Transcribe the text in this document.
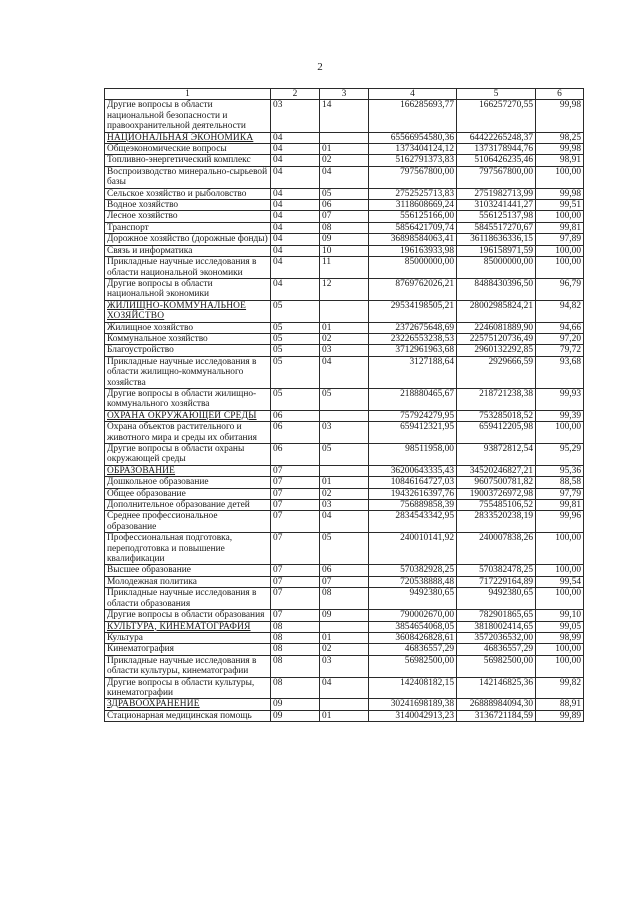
2
1	2	3	4	5	6
Другие вопросы в области национальной безопасности и правоохранительной деятельности	03	14	166285693,77	166257270,55	99,98
НАЦИОНАЛЬНАЯ ЭКОНОМИКА	04		65566954580,36	64422265248,37	98,25
Общеэкономические вопросы	04	01	1373404124,12	1373178944,76	99,98
Топливно-энергетический комплекс	04	02	5162791373,83	5106426235,46	98,91
Воспроизводство минерально-сырьевой базы	04	04	797567800,00	797567800,00	100,00
Сельское хозяйство и рыболовство	04	05	2752525713,83	2751982713,99	99,98
Водное хозяйство	04	06	3118608669,24	3103241441,27	99,51
Лесное хозяйство	04	07	556125166,00	556125137,98	100,00
Транспорт	04	08	5856421709,74	5845517270,67	99,81
Дорожное хозяйство (дорожные фонды)	04	09	36898584063,41	36118636336,15	97,89
Связь и информатика	04	10	196163933,98	196158971,59	100,00
Прикладные научные исследования в области национальной экономики	04	11	85000000,00	85000000,00	100,00
Другие вопросы в области национальной экономики	04	12	8769762026,21	8488430396,50	96,79
ЖИЛИЩНО-КОММУНАЛЬНОЕ ХОЗЯЙСТВО	05		29534198505,21	28002985824,21	94,82
Жилищное хозяйство	05	01	2372675648,69	2246081889,90	94,66
Коммунальное хозяйство	05	02	23226553238,53	22575120736,49	97,20
Благоустройство	05	03	3712961963,68	2960132292,85	79,72
Прикладные научные исследования в области жилищно-коммунального хозяйства	05	04	3127188,64	2929666,59	93,68
Другие вопросы в области жилищно-коммунального хозяйства	05	05	218880465,67	218721238,38	99,93
ОХРАНА ОКРУЖАЮЩЕЙ СРЕДЫ	06		757924279,95	753285018,52	99,39
Охрана объектов растительного и животного мира и среды их обитания	06	03	659412321,95	659412205,98	100,00
Другие вопросы в области охраны окружающей среды	06	05	98511958,00	93872812,54	95,29
ОБРАЗОВАНИЕ	07		36200643335,43	34520246827,21	95,36
Дошкольное образование	07	01	10846164727,03	9607500781,82	88,58
Общее образование	07	02	19432616397,76	19003726972,98	97,79
Дополнительное образование детей	07	03	756889858,39	755485106,52	99,81
Среднее профессиональное образование	07	04	2834543342,95	2833520238,19	99,96
Профессиональная подготовка, переподготовка и повышение квалификации	07	05	240010141,92	240007838,26	100,00
Высшее образование	07	06	570382928,25	570382478,25	100,00
Молодежная политика	07	07	720538888,48	717229164,89	99,54
Прикладные научные исследования в области образования	07	08	9492380,65	9492380,65	100,00
Другие вопросы в области образования	07	09	790002670,00	782901865,65	99,10
КУЛЬТУРА, КИНЕМАТОГРАФИЯ	08		3854654068,05	3818002414,65	99,05
Культура	08	01	3608426828,61	3572036532,00	98,99
Кинематография	08	02	46836557,29	46836557,29	100,00
Прикладные научные исследования в области культуры, кинематографии	08	03	56982500,00	56982500,00	100,00
Другие вопросы в области культуры, кинематографии	08	04	142408182,15	142146825,36	99,82
ЗДРАВООХРАНЕНИЕ	09		30241698189,38	26888984094,30	88,91
Стационарная медицинская помощь	09	01	3140042913,23	3136721184,59	99,89
